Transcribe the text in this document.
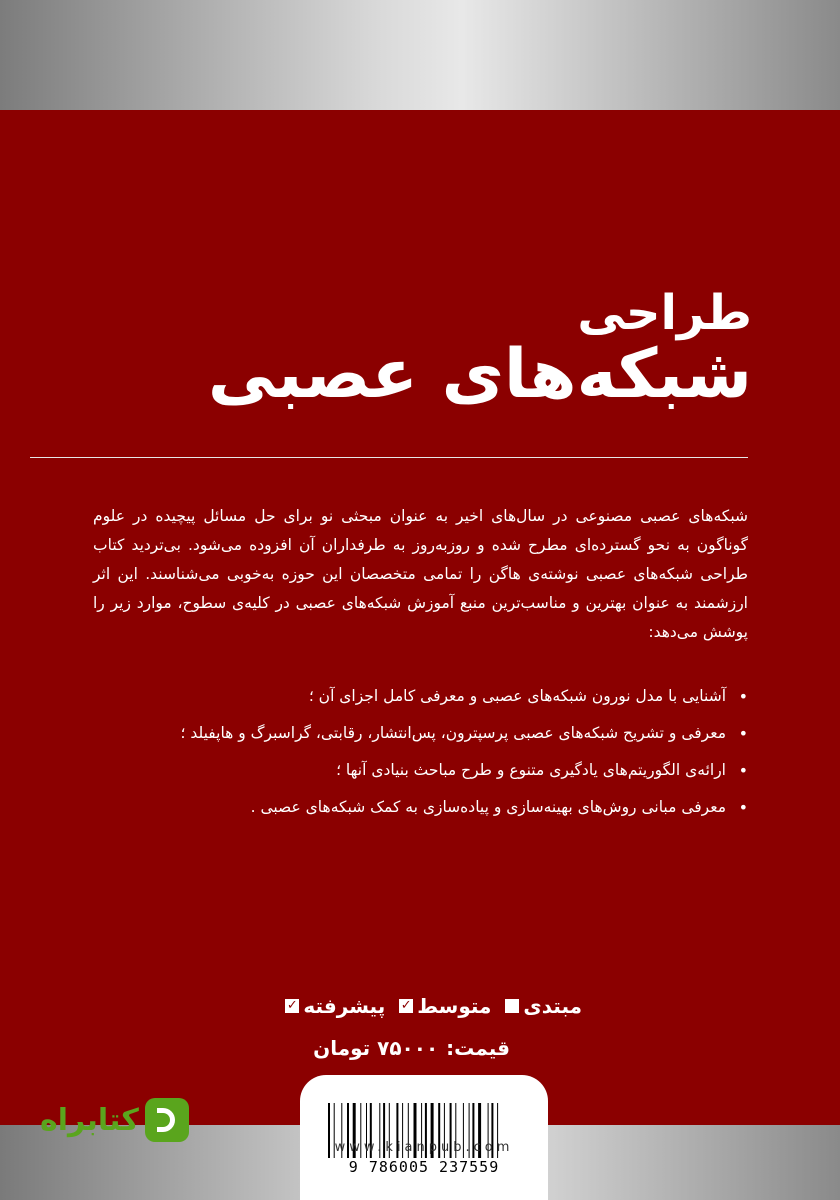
طراحی
شبکه‌های عصبی
شبکه‌های عصبی مصنوعی در سال‌های اخیر به عنوان مبحثی نو برای حل مسائل پیچیده در علوم گوناگون به نحو گسترده‌ای مطرح شده و روزبه‌روز به طرفداران آن افزوده می‌شود. بی‌تردید کتاب طراحی شبکه‌های عصبی نوشته‌ی هاگن را تمامی متخصصان این حوزه به‌خوبی می‌شناسند. این اثر ارزشمند به عنوان بهترین و مناسب‌ترین منبع آموزش شبکه‌های عصبی در کلیه‌ی سطوح، موارد زیر را پوشش می‌دهد:
•
آشنایی با مدل نورون شبکه‌های عصبی و معرفی کامل اجزای آن ؛
•
معرفی و تشریح شبکه‌های عصبی پرسپترون، پس‌انتشار، رقابتی، گراسبرگ و هاپفیلد ؛
•
ارائه‌ی الگوریتم‌های یادگیری متنوع و طرح مباحث بنیادی آنها ؛
•
معرفی مبانی روش‌های بهینه‌سازی و پیاده‌سازی به کمک شبکه‌های عصبی .
مبتدی
متوسط
✓
پیشرفته
✓
قیمت:۷۵۰۰۰ تومان
9 786005 237559
www.kianpub.com
کتابراه
